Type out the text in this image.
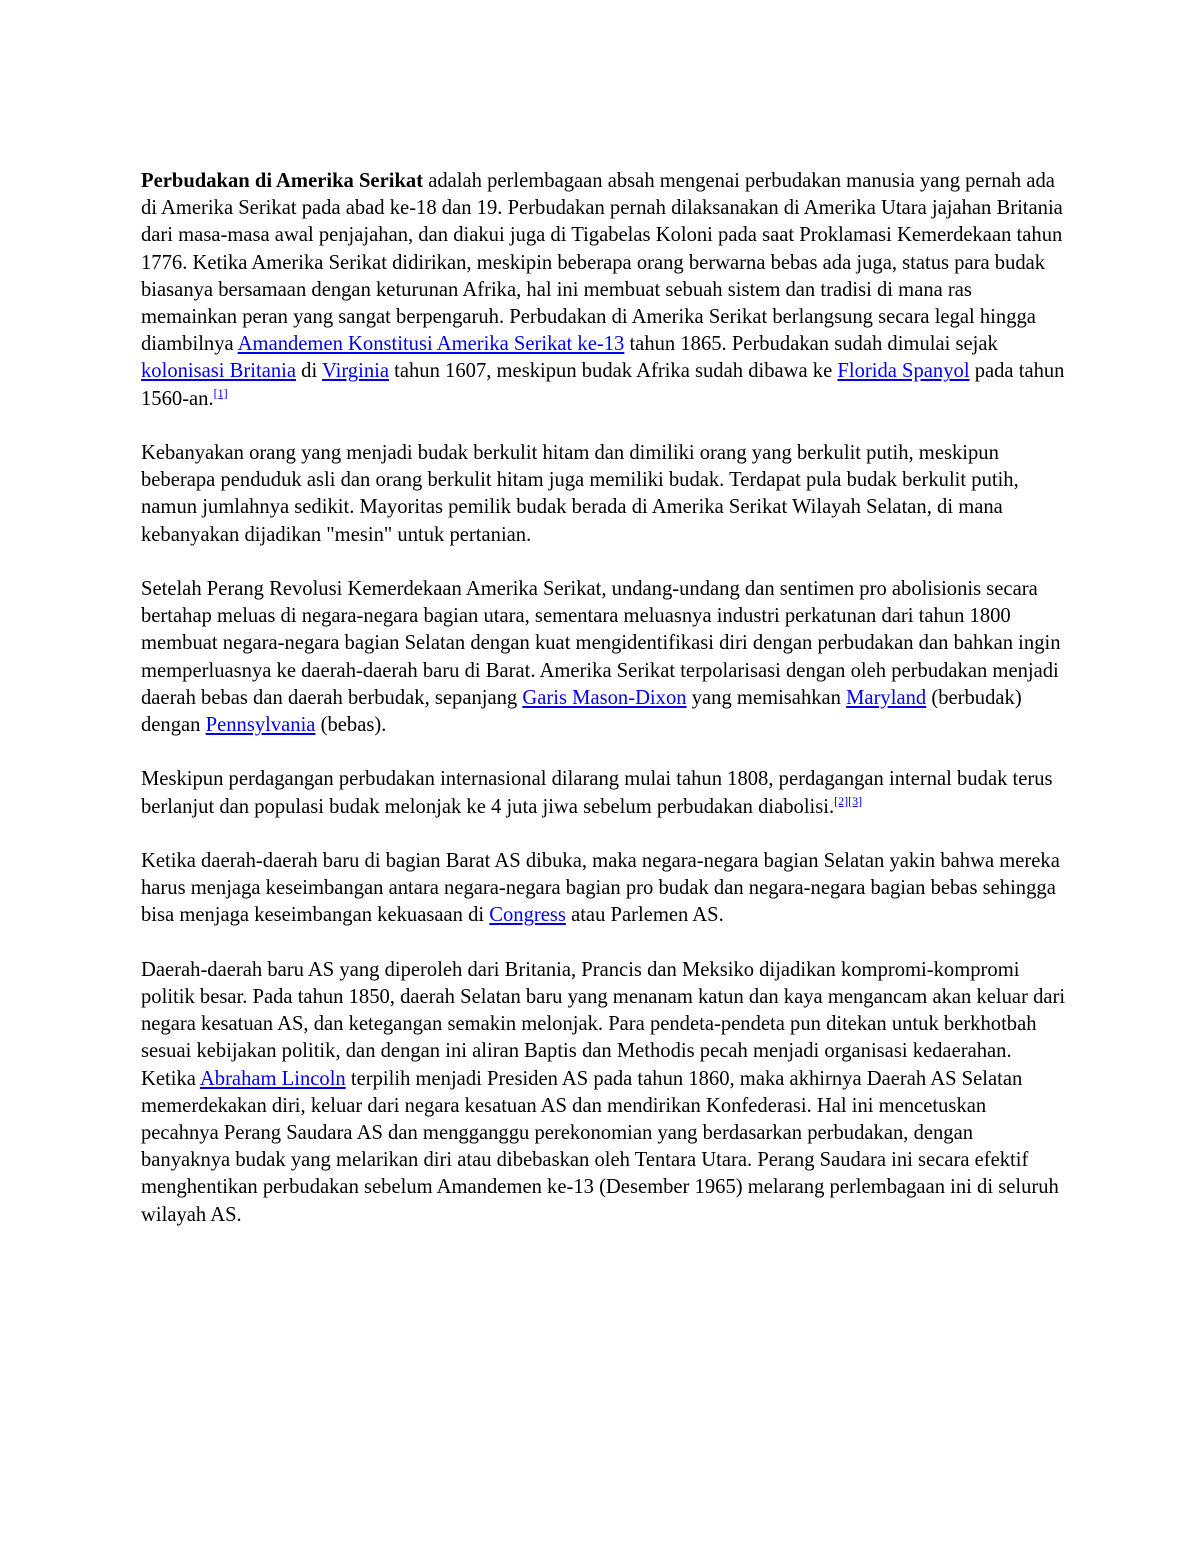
Perbudakan di Amerika Serikat adalah perlembagaan absah mengenai perbudakan manusia yang pernah ada di Amerika Serikat pada abad ke-18 dan 19. Perbudakan pernah dilaksanakan di Amerika Utara jajahan Britania dari masa-masa awal penjajahan, dan diakui juga di Tigabelas Koloni pada saat Proklamasi Kemerdekaan tahun 1776. Ketika Amerika Serikat didirikan, meskipin beberapa orang berwarna bebas ada juga, status para budak biasanya bersamaan dengan keturunan Afrika, hal ini membuat sebuah sistem dan tradisi di mana ras memainkan peran yang sangat berpengaruh. Perbudakan di Amerika Serikat berlangsung secara legal hingga diambilnya Amandemen Konstitusi Amerika Serikat ke-13 tahun 1865. Perbudakan sudah dimulai sejak kolonisasi Britania di Virginia tahun 1607, meskipun budak Afrika sudah dibawa ke Florida Spanyol pada tahun 1560-an.[1]

Kebanyakan orang yang menjadi budak berkulit hitam dan dimiliki orang yang berkulit putih, meskipun beberapa penduduk asli dan orang berkulit hitam juga memiliki budak. Terdapat pula budak berkulit putih, namun jumlahnya sedikit. Mayoritas pemilik budak berada di Amerika Serikat Wilayah Selatan, di mana kebanyakan dijadikan "mesin" untuk pertanian.

Setelah Perang Revolusi Kemerdekaan Amerika Serikat, undang-undang dan sentimen pro abolisionis secara bertahap meluas di negara-negara bagian utara, sementara meluasnya industri perkatunan dari tahun 1800 membuat negara-negara bagian Selatan dengan kuat mengidentifikasi diri dengan perbudakan dan bahkan ingin memperluasnya ke daerah-daerah baru di Barat. Amerika Serikat terpolarisasi dengan oleh perbudakan menjadi daerah bebas dan daerah berbudak, sepanjang Garis Mason-Dixon yang memisahkan Maryland (berbudak) dengan Pennsylvania (bebas).

Meskipun perdagangan perbudakan internasional dilarang mulai tahun 1808, perdagangan internal budak terus berlanjut dan populasi budak melonjak ke 4 juta jiwa sebelum perbudakan diabolisi.[2][3]

Ketika daerah-daerah baru di bagian Barat AS dibuka, maka negara-negara bagian Selatan yakin bahwa mereka harus menjaga keseimbangan antara negara-negara bagian pro budak dan negara-negara bagian bebas sehingga bisa menjaga keseimbangan kekuasaan di Congress atau Parlemen AS.

Daerah-daerah baru AS yang diperoleh dari Britania, Prancis dan Meksiko dijadikan kompromi-kompromi politik besar. Pada tahun 1850, daerah Selatan baru yang menanam katun dan kaya mengancam akan keluar dari negara kesatuan AS, dan ketegangan semakin melonjak. Para pendeta-pendeta pun ditekan untuk berkhotbah sesuai kebijakan politik, dan dengan ini aliran Baptis dan Methodis pecah menjadi organisasi kedaerahan. Ketika Abraham Lincoln terpilih menjadi Presiden AS pada tahun 1860, maka akhirnya Daerah AS Selatan memerdekakan diri, keluar dari negara kesatuan AS dan mendirikan Konfederasi. Hal ini mencetuskan pecahnya Perang Saudara AS dan mengganggu perekonomian yang berdasarkan perbudakan, dengan banyaknya budak yang melarikan diri atau dibebaskan oleh Tentara Utara. Perang Saudara ini secara efektif menghentikan perbudakan sebelum Amandemen ke-13 (Desember 1965) melarang perlembagaan ini di seluruh wilayah AS.
